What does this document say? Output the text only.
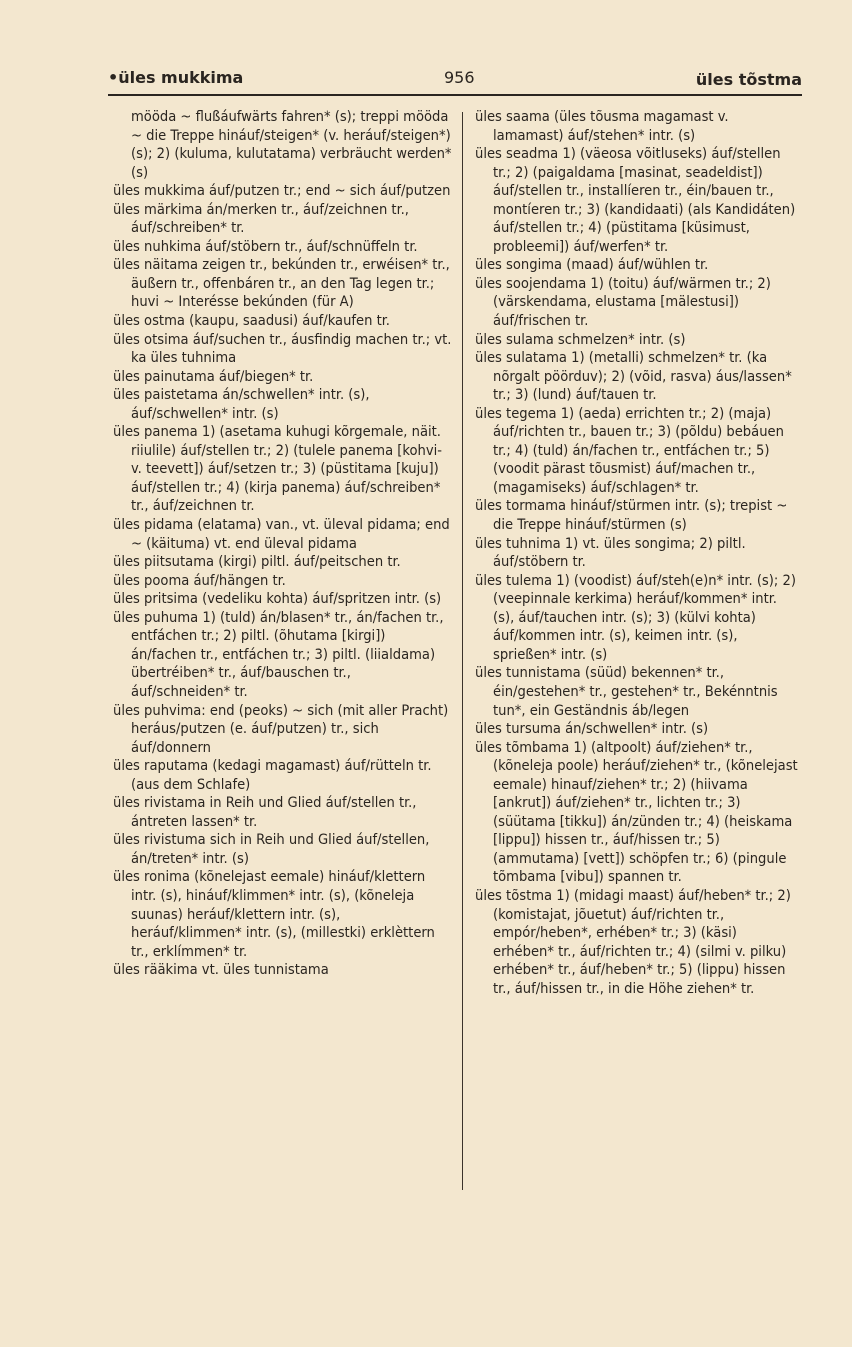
•üles mukkima	956	üles tõstma

mööda ~ flußáufwärts fahren* (s); treppi mööda ~ die Treppe hináuf/steigen* (v. heráuf/steigen*) (s); 2) (kuluma, kulutatama) verbräucht werden* (s)

üles mukkima áuf/putzen tr.; end ~ sich áuf/putzen

üles märkima án/merken tr., áuf/zeichnen tr., áuf/schreiben* tr.

üles nuhkima áuf/stöbern tr., áuf/schnüffeln tr.

üles näitama zeigen tr., bekúnden tr., erwéisen* tr., äußern tr., offenbáren tr., an den Tag legen tr.; huvi ~ Interésse bekúnden (für A)

üles ostma (kaupu, saadusi) áuf/kaufen tr.

üles otsima áuf/suchen tr., áusfindig machen tr.; vt. ka üles tuhnima

üles painutama áuf/biegen* tr.

üles paistetama án/schwellen* intr. (s), áuf/schwellen* intr. (s)

üles panema 1) (asetama kuhugi kõrgemale, näit. riiulile) áuf/stellen tr.; 2) (tulele panema [kohvi- v. teevett]) áuf/setzen tr.; 3) (püstitama [kuju]) áuf/stellen tr.; 4) (kirja panema) áuf/schreiben* tr., áuf/zeichnen tr.

üles pidama (elatama) van., vt. üleval pidama; end ~ (käituma) vt. end üleval pidama

üles piitsutama (kirgi) piltl. áuf/peitschen tr.

üles pooma áuf/hängen tr.

üles pritsima (vedeliku kohta) áuf/spritzen intr. (s)

üles puhuma 1) (tuld) án/blasen* tr., án/fachen tr., entfáchen tr.; 2) piltl. (õhutama [kirgi]) án/fachen tr., entfáchen tr.; 3) piltl. (liialdama) übertréiben* tr., áuf/bauschen tr., áuf/schneiden* tr.

üles puhvima: end (peoks) ~ sich (mit aller Pracht) heráus/putzen (e. áuf/putzen) tr., sich áuf/donnern

üles raputama (kedagi magamast) áuf/rütteln tr. (aus dem Schlafe)

üles rivistama in Reih und Glied áuf/stellen tr., ántreten lassen* tr.

üles rivistuma sich in Reih und Glied áuf/stellen, án/treten* intr. (s)

üles ronima (kõnelejast eemale) hináuf/klettern intr. (s), hináuf/klimmen* intr. (s), (kõneleja suunas) heráuf/klettern intr. (s), heráuf/klimmen* intr. (s), (millestki) erklèttern tr., erklímmen* tr.

üles rääkima vt. üles tunnistama

üles saama (üles tõusma magamast v. lamamast) áuf/stehen* intr. (s)

üles seadma 1) (väeosa võitluseks) áuf/stellen tr.; 2) (paigaldama [masinat, seadeldist]) áuf/stellen tr., installíeren tr., éin/bauen tr., montíeren tr.; 3) (kandidaati) (als Kandidáten) áuf/stellen tr.; 4) (püstitama [küsimust, probleemi]) áuf/werfen* tr.

üles songima (maad) áuf/wühlen tr.

üles soojendama 1) (toitu) áuf/wärmen tr.; 2) (värskendama, elustama [mälestusi]) áuf/frischen tr.

üles sulama schmelzen* intr. (s)

üles sulatama 1) (metalli) schmelzen* tr. (ka nõrgalt pöörduv); 2) (võid, rasva) áus/lassen* tr.; 3) (lund) áuf/tauen tr.

üles tegema 1) (aeda) errichten tr.; 2) (maja) áuf/richten tr., bauen tr.; 3) (põldu) bebáuen tr.; 4) (tuld) án/fachen tr., entfáchen tr.; 5) (voodit pärast tõusmist) áuf/machen tr., (magamiseks) áuf/schlagen* tr.

üles tormama hináuf/stürmen intr. (s); trepist ~ die Treppe hináuf/stürmen (s)

üles tuhnima 1) vt. üles songima; 2) piltl. áuf/stöbern tr.

üles tulema 1) (voodist) áuf/steh(e)n* intr. (s); 2) (veepinnale kerkima) heráuf/kommen* intr. (s), áuf/tauchen intr. (s); 3) (külvi kohta) áuf/kommen intr. (s), keimen intr. (s), sprießen* intr. (s)

üles tunnistama (süüd) bekennen* tr., éin/gestehen* tr., gestehen* tr., Bekénntnis tun*, ein Geständnis áb/legen

üles tursuma án/schwellen* intr. (s)

üles tõmbama 1) (altpoolt) áuf/ziehen* tr., (kõneleja poole) heráuf/ziehen* tr., (kõnelejast eemale) hinauf/ziehen* tr.; 2) (hiivama [ankrut]) áuf/ziehen* tr., lichten tr.; 3) (süütama [tikku]) án/zünden tr.; 4) (heiskama [lippu]) hissen tr., áuf/hissen tr.; 5) (ammutama) [vett]) schöpfen tr.; 6) (pingule tõmbama [vibu]) spannen tr.

üles tõstma 1) (midagi maast) áuf/heben* tr.; 2) (komistajat, jõuetut) áuf/richten tr., empór/heben*, erhében* tr.; 3) (käsi) erhében* tr., áuf/richten tr.; 4) (silmi v. pilku) erhében* tr., áuf/heben* tr.; 5) (lippu) hissen tr., áuf/hissen tr., in die Höhe ziehen* tr.
